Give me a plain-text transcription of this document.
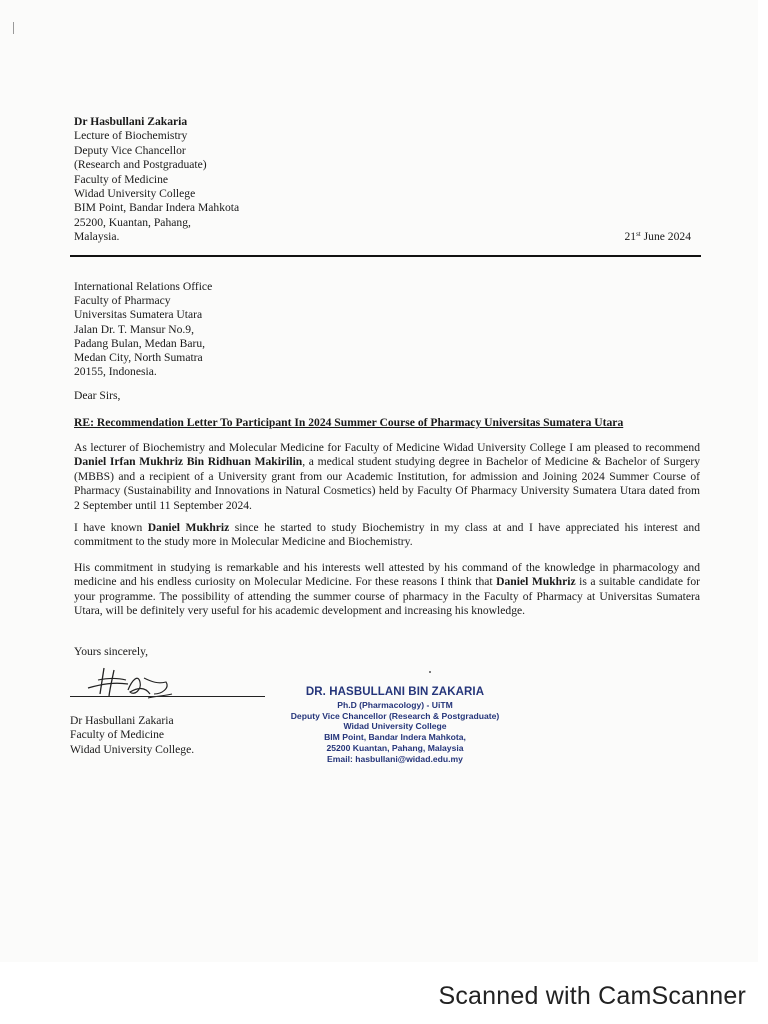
Dr Hasbullani Zakaria
Lecture of Biochemistry
Deputy Vice Chancellor
(Research and Postgraduate)
Faculty of Medicine
Widad University College
BIM Point, Bandar Indera Mahkota
25200, Kuantan, Pahang,
Malaysia.	21st June 2024
International Relations Office
Faculty of Pharmacy
Universitas Sumatera Utara
Jalan Dr. T. Mansur No.9,
Padang Bulan, Medan Baru,
Medan City, North Sumatra
20155, Indonesia.
Dear Sirs,
RE: Recommendation Letter To Participant In 2024 Summer Course of Pharmacy Universitas Sumatera Utara

As lecturer of Biochemistry and Molecular Medicine for Faculty of Medicine Widad University College I am pleased to recommend Daniel Irfan Mukhriz Bin Ridhuan Makirilin, a medical student studying degree in Bachelor of Medicine & Bachelor of Surgery (MBBS) and a recipient of a University grant from our Academic Institution, for admission and Joining 2024 Summer Course of Pharmacy (Sustainability and Innovations in Natural Cosmetics) held by Faculty Of Pharmacy University Sumatera Utara dated from 2 September until 11 September 2024.

I have known Daniel Mukhriz since he started to study Biochemistry in my class at and I have appreciated his interest and commitment to the study more in Molecular Medicine and Biochemistry.

His commitment in studying is remarkable and his interests well attested by his command of the knowledge in pharmacology and medicine and his endless curiosity on Molecular Medicine. For these reasons I think that Daniel Mukhriz is a suitable candidate for your programme. The possibility of attending the summer course of pharmacy in the Faculty of Pharmacy at Universitas Sumatera Utara, will be definitely very useful for his academic development and increasing his knowledge.

Yours sincerely,
Dr Hasbullani Zakaria
Faculty of Medicine
Widad University College.
DR. HASBULLANI BIN ZAKARIA
Ph.D (Pharmacology) - UiTM
Deputy Vice Chancellor (Research & Postgraduate)
Widad University College
BIM Point, Bandar Indera Mahkota,
25200 Kuantan, Pahang, Malaysia
Email: hasbullani@widad.edu.my
Scanned with CamScanner
